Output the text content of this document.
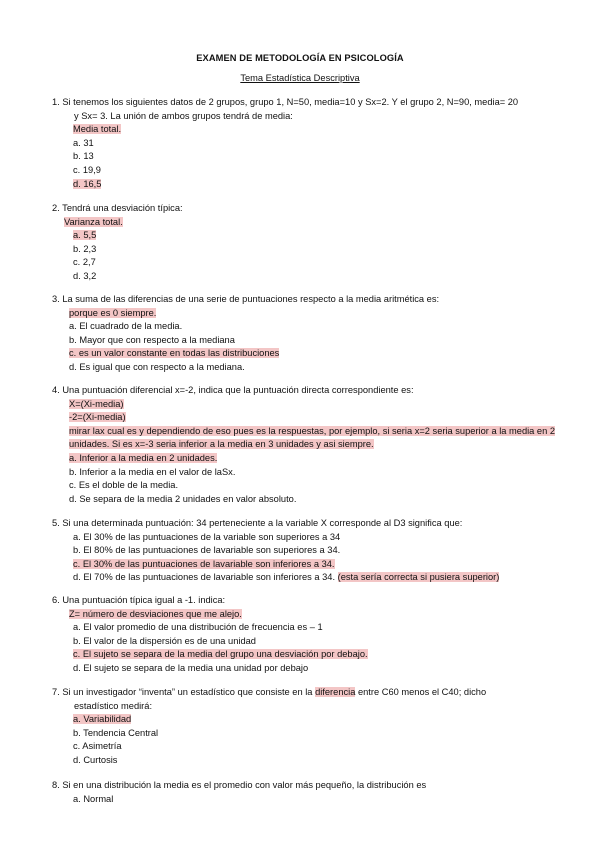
EXAMEN DE METODOLOGÍA EN PSICOLOGÍA
Tema Estadística Descriptiva
1. Si tenemos los siguientes datos de 2 grupos, grupo 1, N=50, media=10 y Sx=2. Y el grupo 2, N=90, media= 20
y Sx= 3. La unión de ambos grupos tendrá de media:
Media total.
a. 31
b. 13
c. 19,9
d. 16,5
2. Tendrá una desviación típica:
Varianza total.
a. 5,5
b. 2,3
c. 2,7
d. 3,2
3. La suma de las diferencias de una serie de puntuaciones respecto a la media aritmética es:
porque es 0 siempre.
a. El cuadrado de la media.
b. Mayor que con respecto a la mediana
c. es un valor constante en todas las distribuciones
d. Es igual que con respecto a la mediana.
4. Una puntuación diferencial x=-2, indica que la puntuación directa correspondiente es:
X=(Xi-media)
-2=(Xi-media)
mirar lax cual es y dependiendo de eso pues es la respuestas, por ejemplo, si seria x=2 seria superior a la media en 2 unidades. Si es x=-3 seria inferior a la media en 3 unidades y asi siempre.
a. Inferior a la media en 2 unidades.
b. Inferior a la media en el valor de laSx.
c. Es el doble de la media.
d. Se separa de la media 2 unidades en valor absoluto.
5. Si una determinada puntuación: 34 perteneciente a la variable X corresponde al D3 significa que:
a. El 30% de las puntuaciones de la variable son superiores a 34
b. El 80% de las puntuaciones de lavariable son superiores a 34.
c. El 30% de las puntuaciones de lavariable son inferiores a 34.
d. El 70% de las puntuaciones de lavariable son inferiores a 34. (esta sería correcta si pusiera superior)
6. Una puntuación típica igual a -1. indica:
Z= número de desviaciones que me alejo.
a. El valor promedio de una distribución de frecuencia es – 1
b. El valor de la dispersión es de una unidad
c. El sujeto se separa de la media del grupo una desviación por debajo.
d. El sujeto se separa de la media una unidad por debajo
7. Si un investigador “inventa” un estadístico que consiste en la diferencia entre C60 menos el C40; dicho
estadístico medirá:
a. Variabilidad
b. Tendencia Central
c. Asimetría
d. Curtosis
8. Si en una distribución la media es el promedio con valor más pequeño, la distribución es
a. Normal
